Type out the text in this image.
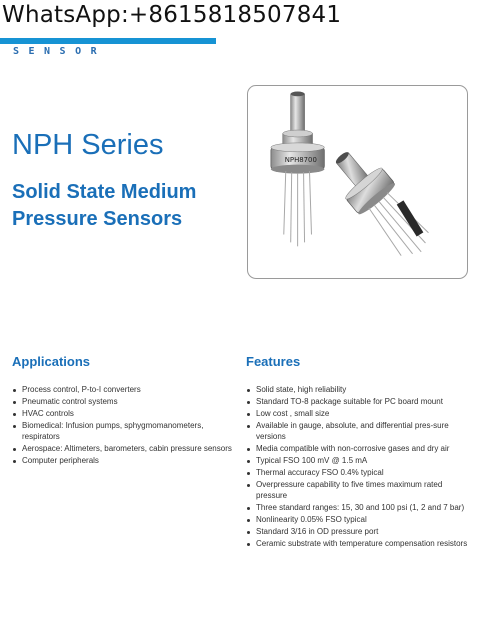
WhatsApp:+8615818507841
SENSOR
NPH Series
Solid State Medium Pressure Sensors
NPH8700
Applications	Features
Process control, P-to-I converters
Pneumatic control systems
HVAC controls
Biomedical: Infusion pumps, sphygmomanometers, respirators
Aerospace: Altimeters, barometers, cabin pressure sensors
Computer peripherals
Solid state, high reliability
Standard TO-8 package suitable for PC board mount
Low cost , small size
Available in gauge, absolute, and differential pres-sure versions
Media compatible with non-corrosive gases and dry air
Typical FSO 100 mV @ 1.5 mA
Thermal accuracy FSO 0.4% typical
Overpressure capability to five times maximum rated pressure
Three standard ranges: 15, 30 and 100 psi (1, 2 and 7 bar)
Nonlinearity 0.05% FSO typical
Standard 3/16 in OD pressure port
Ceramic substrate with temperature compensation resistors
